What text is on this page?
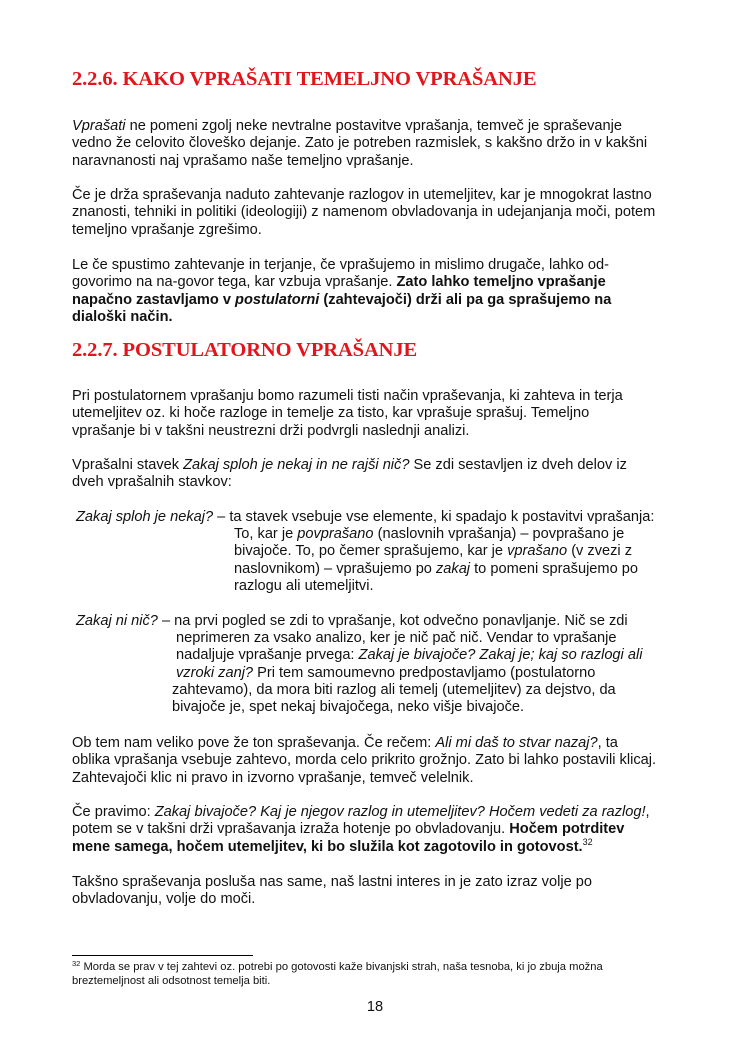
2.2.6. KAKO VPRAŠATI TEMELJNO VPRAŠANJE
Vprašati ne pomeni zgolj neke nevtralne postavitve vprašanja, temveč je spraševanje
vedno že celovito človeško dejanje. Zato je potreben razmislek, s kakšno držo in v kakšni
naravnanosti naj vprašamo naše temeljno vprašanje.
Če je drža spraševanja naduto zahtevanje razlogov in utemeljitev, kar je mnogokrat lastno
znanosti, tehniki in politiki (ideologiji) z namenom obvladovanja in udejanjanja moči, potem
temeljno vprašanje zgrešimo.
Le če spustimo zahtevanje in terjanje, če vprašujemo in mislimo drugače, lahko od-
govorimo na na-govor tega, kar vzbuja vprašanje. Zato lahko temeljno vprašanje
napačno zastavljamo v postulatorni (zahtevajoči) drži ali pa ga sprašujemo na
dialoški način.
2.2.7. POSTULATORNO VPRAŠANJE
Pri postulatornem vprašanju bomo razumeli tisti način vpraševanja, ki zahteva in terja
utemeljitev oz. ki hoče razloge in temelje za tisto, kar vprašuje sprašuj. Temeljno
vprašanje bi v takšni neustrezni drži podvrgli naslednji analizi.
Vprašalni stavek Zakaj sploh je nekaj in ne rajši nič? Se zdi sestavljen iz dveh delov iz
dveh vprašalnih stavkov:
Zakaj sploh je nekaj? – ta stavek vsebuje vse elemente, ki spadajo k postavitvi vprašanja:
To, kar je povprašano (naslovnih vprašanja) – povprašano je
bivajoče. To, po čemer sprašujemo, kar je vprašano (v zvezi z
naslovnikom) – vprašujemo po zakaj to pomeni sprašujemo po
razlogu ali utemeljitvi.
Zakaj ni nič? – na prvi pogled se zdi to vprašanje, kot odvečno ponavljanje. Nič se zdi
neprimeren za vsako analizo, ker je nič pač nič. Vendar to vprašanje
nadaljuje vprašanje prvega: Zakaj je bivajoče? Zakaj je; kaj so razlogi ali
vzroki zanj? Pri tem samoumevno predpostavljamo (postulatorno
zahtevamo), da mora biti razlog ali temelj (utemeljitev) za dejstvo, da
bivajoče je, spet nekaj bivajočega, neko višje bivajoče.
Ob tem nam veliko pove že ton spraševanja. Če rečem: Ali mi daš to stvar nazaj?, ta
oblika vprašanja vsebuje zahtevo, morda celo prikrito grožnjo. Zato bi lahko postavili klicaj.
Zahtevajoči klic ni pravo in izvorno vprašanje, temveč velelnik.
Če pravimo: Zakaj bivajoče? Kaj je njegov razlog in utemeljitev? Hočem vedeti za razlog!,
potem se v takšni drži vprašavanja izraža hotenje po obvladovanju. Hočem potrditev
mene samega, hočem utemeljitev, ki bo služila kot zagotovilo in gotovost.$^{32}$
Takšno spraševanja posluša nas same, naš lastni interes in je zato izraz volje po
obvladovanju, volje do moči.
$^{32}$ Morda se prav v tej zahtevi oz. potrebi po gotovosti kaže bivanjski strah, naša tesnoba, ki jo zbuja možna
breztemeljnost ali odsotnost temelja biti.
18
